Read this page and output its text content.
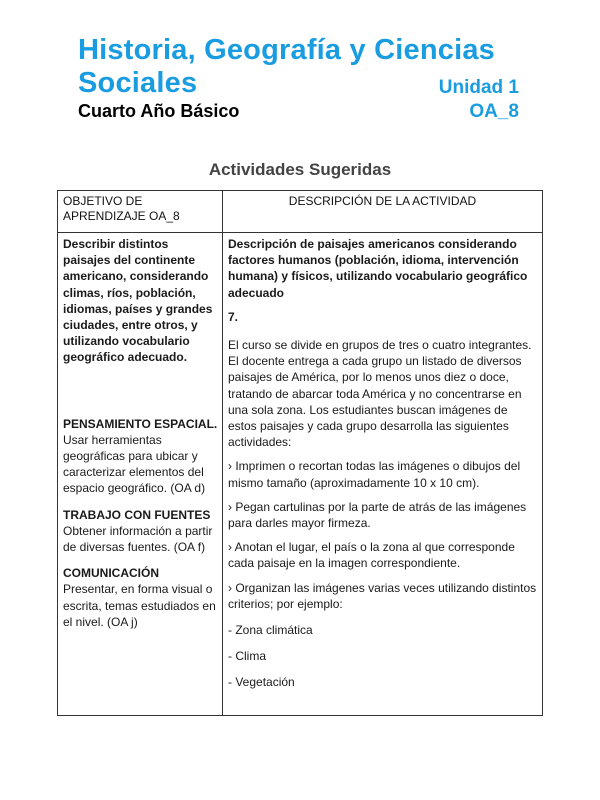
Historia, Geografía y Ciencias
Sociales	Unidad 1
Cuarto Año Básico	OA_8
Actividades Sugeridas
OBJETIVO DE APRENDIZAJE OA_8
DESCRIPCIÓN DE LA ACTIVIDAD

Describir distintos paisajes del continente americano, considerando climas, ríos, población, idiomas, países y grandes ciudades, entre otros, y utilizando vocabulario geográfico adecuado.

PENSAMIENTO ESPACIAL. Usar herramientas geográficas para ubicar y caracterizar elementos del espacio geográfico. (OA d)

TRABAJO CON FUENTES
Obtener información a partir de diversas fuentes. (OA f)

COMUNICACIÓN
Presentar, en forma visual o escrita, temas estudiados en el nivel. (OA j)

Descripción de paisajes americanos considerando factores humanos (población, idioma, intervención humana) y físicos, utilizando vocabulario geográfico adecuado

7.

El curso se divide en grupos de tres o cuatro integrantes. El docente entrega a cada grupo un listado de diversos paisajes de América, por lo menos unos diez o doce, tratando de abarcar toda América y no concentrarse en una sola zona. Los estudiantes buscan imágenes de estos paisajes y cada grupo desarrolla las siguientes actividades:

› Imprimen o recortan todas las imágenes o dibujos del mismo tamaño (aproximadamente 10 x 10 cm).

› Pegan cartulinas por la parte de atrás de las imágenes para darles mayor firmeza.

› Anotan el lugar, el país o la zona al que corresponde cada paisaje en la imagen correspondiente.

› Organizan las imágenes varias veces utilizando distintos criterios; por ejemplo:

- Zona climática

- Clima

- Vegetación
